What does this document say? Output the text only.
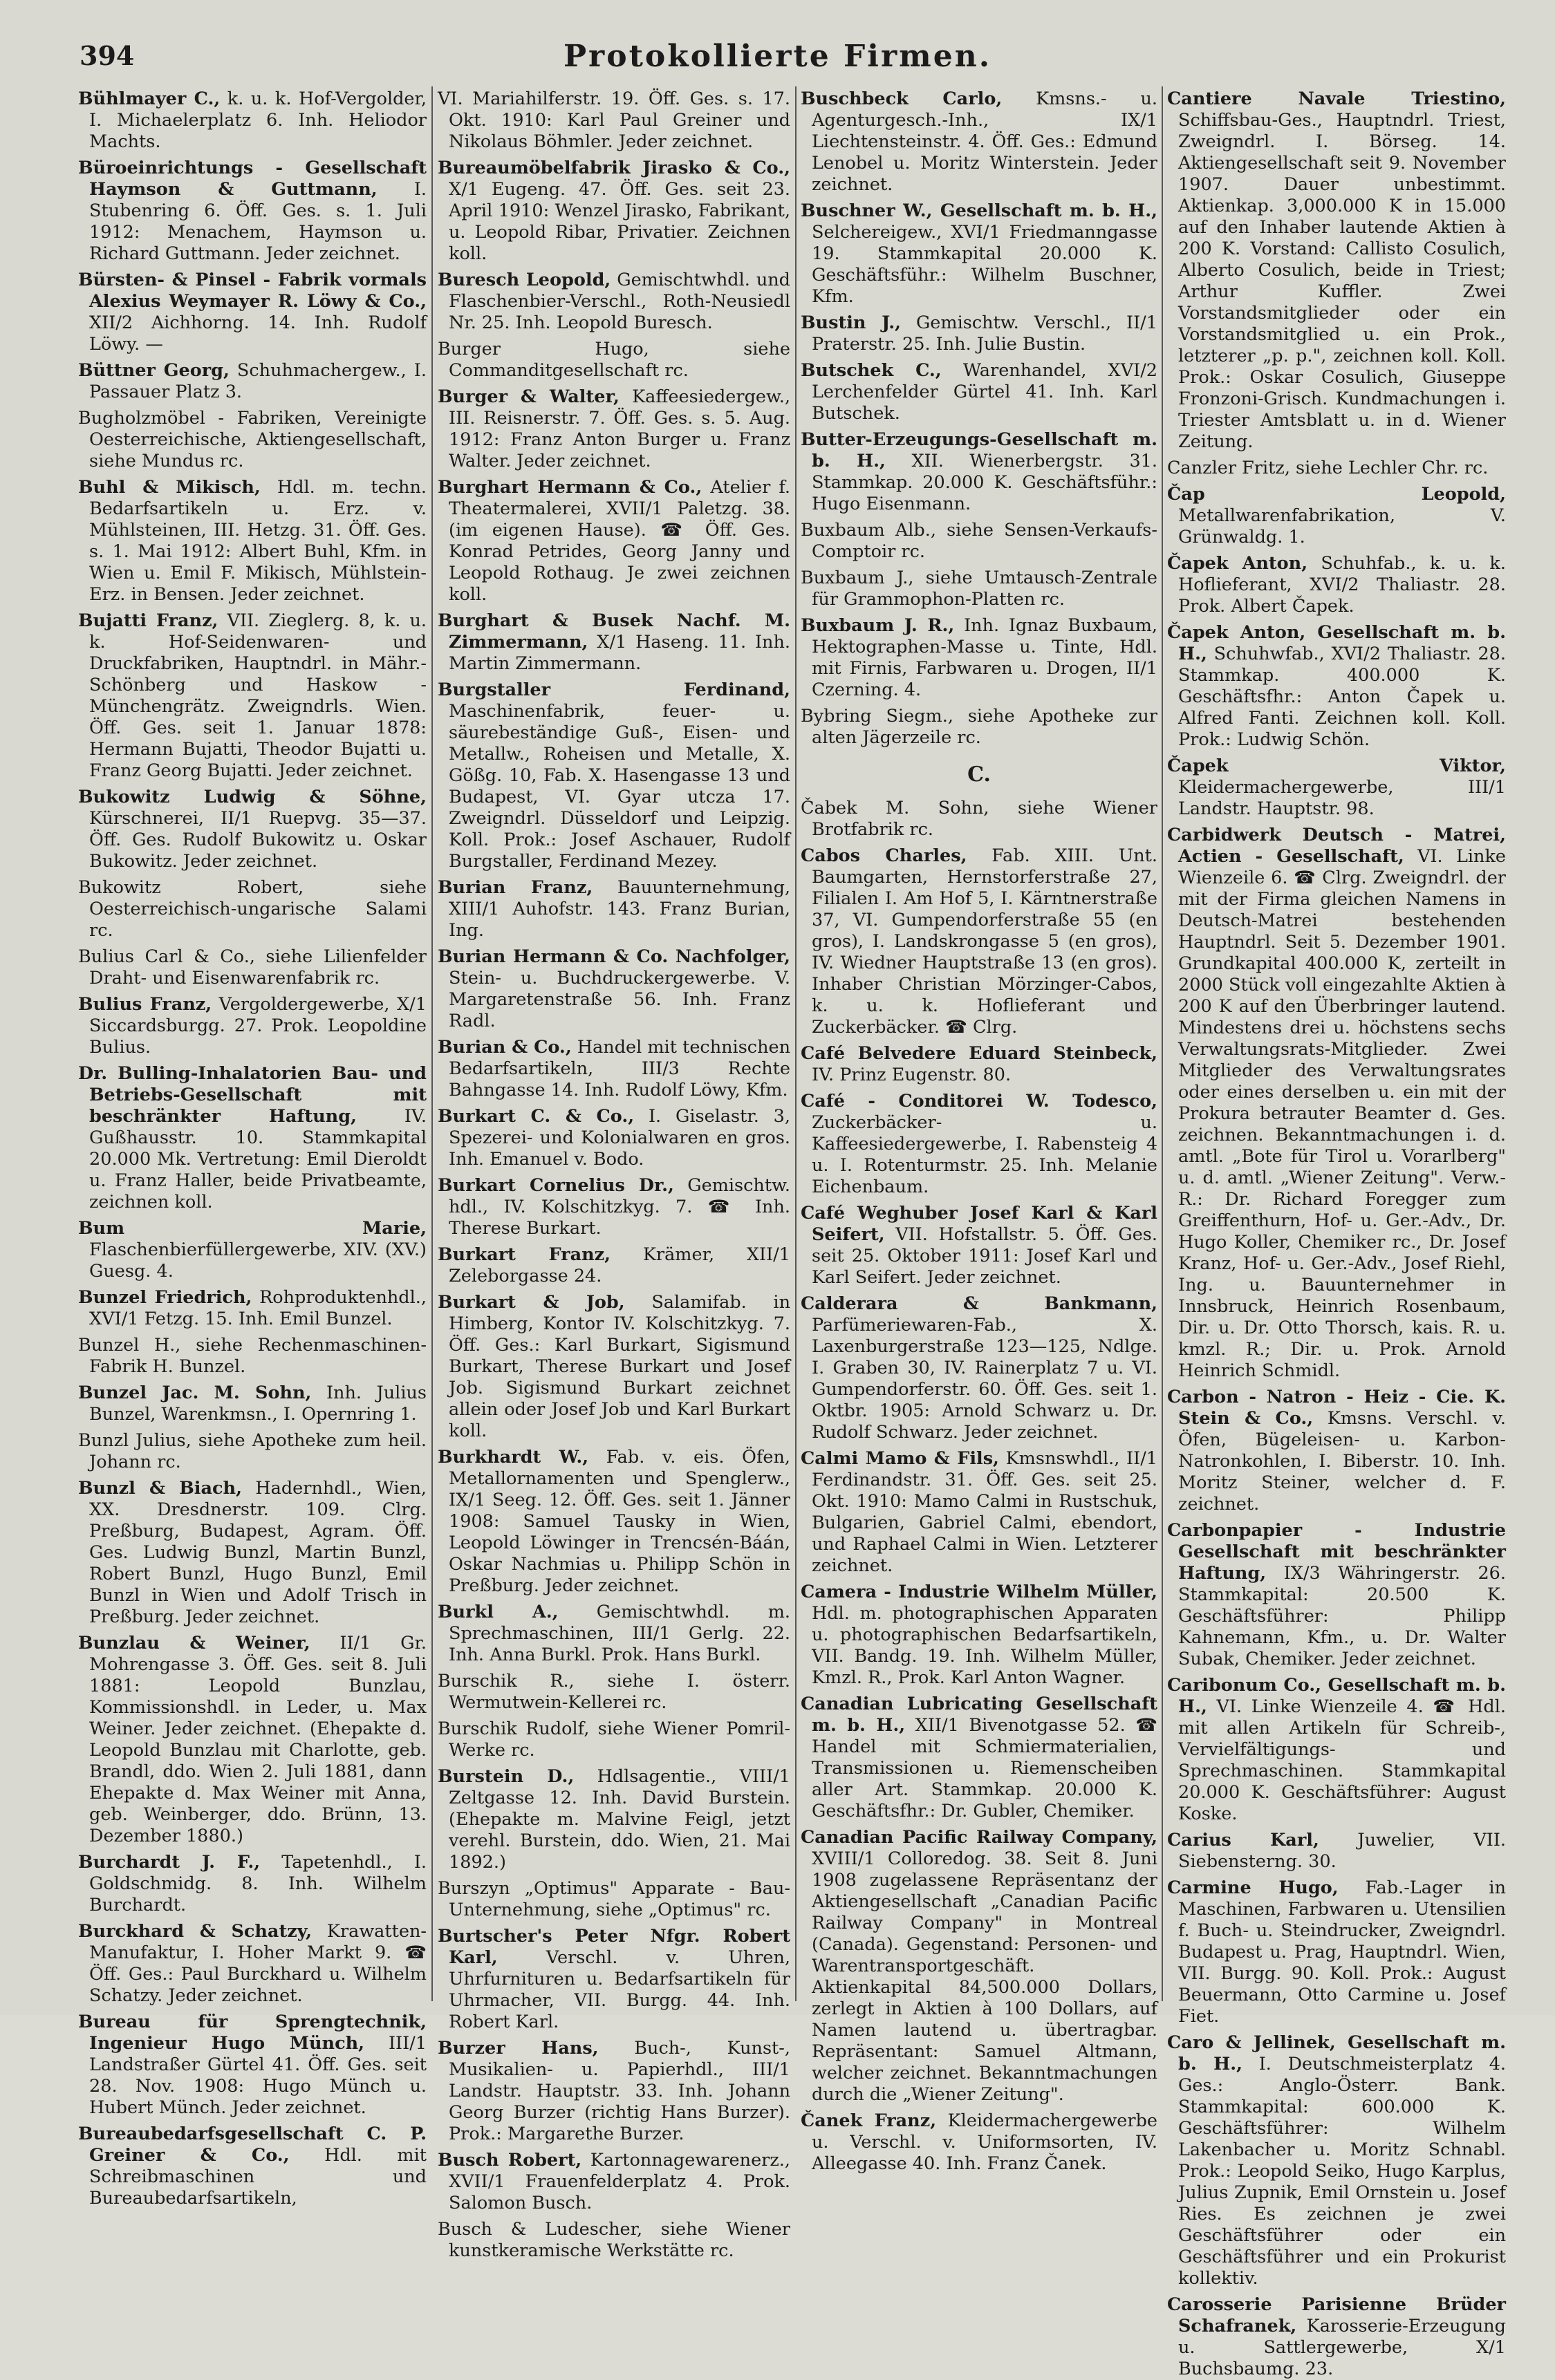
394	Protokollierte Firmen.
Bühlmayer C., k. u. k. Hof-Vergolder, I. Michaelerplatz 6. Inh. Heliodor Machts.
Büroeinrichtungs - Gesellschaft Haymson & Guttmann, I. Stubenring 6. Öff. Ges. s. 1. Juli 1912: Menachem, Haymson u. Richard Guttmann. Jeder zeichnet.
Bürsten- & Pinsel - Fabrik vormals Alexius Weymayer R. Löwy & Co., XII/2 Aichhorng. 14. Inh. Rudolf Löwy. —
Büttner Georg, Schuhmachergew., I. Passauer Platz 3.
Bugholzmöbel - Fabriken, Vereinigte Oesterreichische, Aktiengesellschaft, siehe Mundus rc.
Buhl & Mikisch, Hdl. m. techn. Bedarfsartikeln u. Erz. v. Mühlsteinen, III. Hetzg. 31. Öff. Ges. s. 1. Mai 1912: Albert Buhl, Kfm. in Wien u. Emil F. Mikisch, Mühlstein-Erz. in Bensen. Jeder zeichnet.
Bujatti Franz, VII. Zieglerg. 8, k. u. k. Hof-Seidenwaren- und Druckfabriken, Hauptndrl. in Mähr.-Schönberg und Haskow - Münchengrätz. Zweigndrls. Wien. Öff. Ges. seit 1. Januar 1878: Hermann Bujatti, Theodor Bujatti u. Franz Georg Bujatti. Jeder zeichnet.
Bukowitz Ludwig & Söhne, Kürschnerei, II/1 Ruepvg. 35—37. Öff. Ges. Rudolf Bukowitz u. Oskar Bukowitz. Jeder zeichnet.
Bukowitz Robert, siehe Oesterreichisch-ungarische Salami rc.
Bulius Carl & Co., siehe Lilienfelder Draht- und Eisenwarenfabrik rc.
Bulius Franz, Vergoldergewerbe, X/1 Siccardsburgg. 27. Prok. Leopoldine Bulius.
Dr. Bulling-Inhalatorien Bau- und Betriebs-Gesellschaft mit beschränkter Haftung,	IV. Gußhausstr. 10. Stammkapital 20.000 Mk. Vertretung: Emil Dieroldt u. Franz Haller, beide Privatbeamte, zeichnen koll.
Bum Marie, Flaschenbierfüllergewerbe, XIV. (XV.) Guesg. 4.
Bunzel Friedrich, Rohproduktenhdl., XVI/1 Fetzg. 15. Inh. Emil Bunzel.
Bunzel H., siehe Rechenmaschinen-Fabrik H. Bunzel.
Bunzel Jac. M. Sohn, Inh. Julius Bunzel, Warenkmsn., I. Opernring 1.
Bunzl Julius, siehe Apotheke zum heil. Johann rc.
Bunzl & Biach, Hadernhdl., Wien, XX. Dresdnerstr. 109. Clrg. Preßburg, Budapest, Agram. Öff. Ges. Ludwig Bunzl, Martin Bunzl, Robert Bunzl, Hugo Bunzl, Emil Bunzl in Wien und Adolf Trisch in Preßburg. Jeder zeichnet.
Bunzlau & Weiner, II/1 Gr. Mohrengasse 3. Öff. Ges. seit 8. Juli 1881: Leopold Bunzlau, Kommissionshdl. in Leder, u. Max Weiner. Jeder zeichnet. (Ehepakte d. Leopold Bunzlau mit Charlotte, geb. Brandl, ddo. Wien 2. Juli 1881, dann Ehepakte d. Max Weiner mit Anna, geb. Weinberger, ddo. Brünn, 13. Dezember 1880.)
Burchardt J. F., Tapetenhdl., I. Goldschmidg. 8. Inh. Wilhelm Burchardt.
Burckhard & Schatzy, Krawatten-Manufaktur, I. Hoher Markt 9. ☎ Öff. Ges.: Paul Burckhard u. Wilhelm Schatzy. Jeder zeichnet.
Bureau für Sprengtechnik, Ingenieur Hugo Münch, III/1 Landstraßer Gürtel 41. Öff. Ges. seit 28. Nov. 1908: Hugo Münch u. Hubert Münch. Jeder zeichnet.
Bureaubedarfsgesellschaft C. P. Greiner & Co., Hdl. mit Schreibmaschinen und Bureaubedarfsartikeln,
VI. Mariahilferstr. 19. Öff. Ges. s. 17. Okt. 1910: Karl Paul Greiner und Nikolaus Böhmler. Jeder zeichnet.
Bureaumöbelfabrik Jirasko & Co., X/1 Eugeng. 47. Öff. Ges. seit 23. April 1910: Wenzel Jirasko, Fabrikant, u. Leopold Ribar, Privatier. Zeichnen koll.
Buresch Leopold, Gemischtwhdl. und Flaschenbier-Verschl., Roth-Neusiedl Nr. 25. Inh. Leopold Buresch.
Burger Hugo, siehe Commanditgesellschaft rc.
Burger & Walter, Kaffeesiedergew., III. Reisnerstr. 7. Öff. Ges. s. 5. Aug. 1912: Franz Anton Burger u. Franz Walter. Jeder zeichnet.
Burghart Hermann & Co., Atelier f. Theatermalerei, XVII/1 Paletzg. 38. (im eigenen Hause). ☎ Öff. Ges. Konrad Petrides, Georg Janny und Leopold Rothaug. Je zwei zeichnen koll.
Burghart & Busek Nachf. M. Zimmermann, X/1 Haseng. 11. Inh. Martin Zimmermann.
Burgstaller Ferdinand, Maschinenfabrik, feuer- u. säurebeständige Guß-, Eisen- und Metallw., Roheisen und Metalle, X. Gößg. 10, Fab. X. Hasengasse 13 und Budapest, VI. Gyar utcza 17. Zweigndrl. Düsseldorf und Leipzig. Koll. Prok.: Josef Aschauer, Rudolf Burgstaller, Ferdinand Mezey.
Burian Franz, Bauunternehmung, XIII/1 Auhofstr. 143. Franz Burian, Ing.
Burian Hermann & Co. Nachfolger, Stein- u. Buchdruckergewerbe. V. Margaretenstraße 56. Inh. Franz Radl.
Burian & Co., Handel mit technischen Bedarfsartikeln, III/3 Rechte Bahngasse 14. Inh. Rudolf Löwy, Kfm.
Burkart C. & Co., I. Giselastr. 3, Spezerei- und Kolonialwaren en gros. Inh. Emanuel v. Bodo.
Burkart Cornelius Dr., Gemischtw. hdl., IV. Kolschitzkyg. 7. ☎ Inh. Therese Burkart.
Burkart Franz, Krämer, XII/1 Zeleborgasse 24.
Burkart & Job, Salamifab. in Himberg, Kontor IV. Kolschitzkyg. 7. Öff. Ges.: Karl Burkart, Sigismund Burkart, Therese Burkart und Josef Job. Sigismund Burkart zeichnet allein oder Josef Job und Karl Burkart koll.
Burkhardt W., Fab. v. eis. Öfen, Metallornamenten und Spenglerw., IX/1 Seeg. 12. Öff. Ges. seit 1. Jänner 1908: Samuel Tausky in Wien, Leopold Löwinger in Trencsén-Báán, Oskar Nachmias u. Philipp Schön in Preßburg. Jeder zeichnet.
Burkl A., Gemischtwhdl. m. Sprechmaschinen, III/1 Gerlg. 22. Inh. Anna Burkl. Prok. Hans Burkl.
Burschik R., siehe I. österr. Wermutwein-Kellerei rc.
Burschik Rudolf, siehe Wiener Pomril-Werke rc.
Burstein D., Hdlsagentie., VIII/1 Zeltgasse 12. Inh. David Burstein. (Ehepakte m. Malvine Feigl, jetzt verehl. Burstein, ddo. Wien, 21. Mai 1892.)
Burszyn „Optimus" Apparate - Bau-Unternehmung, siehe „Optimus" rc.
Burtscher's Peter Nfgr. Robert Karl,	Verschl. v. Uhren, Uhrfurnituren u. Bedarfsartikeln für Uhrmacher, VII. Burgg. 44. Inh. Robert Karl.
Burzer Hans, Buch-, Kunst-, Musikalien- u. Papierhdl., III/1 Landstr. Hauptstr. 33. Inh. Johann Georg Burzer (richtig Hans Burzer). Prok.: Margarethe Burzer.
Busch Robert, Kartonnagewarenerz., XVII/1 Frauenfelderplatz 4. Prok. Salomon Busch.
Busch & Ludescher, siehe Wiener kunstkeramische Werkstätte rc.
Buschbeck Carlo, Kmsns.- u. Agenturgesch.-Inh., IX/1 Liechtensteinstr. 4. Öff. Ges.: Edmund Lenobel u. Moritz Winterstein. Jeder zeichnet.
Buschner W., Gesellschaft m. b. H., Selchereigew., XVI/1 Friedmanngasse 19. Stammkapital 20.000 K. Geschäftsführ.: Wilhelm Buschner, Kfm.
Bustin J., Gemischtw. Verschl., II/1 Praterstr. 25. Inh. Julie Bustin.
Butschek C., Warenhandel, XVI/2 Lerchenfelder Gürtel 41. Inh. Karl Butschek.
Butter-Erzeugungs-Gesellschaft m. b. H., XII. Wienerbergstr. 31. Stammkap. 20.000 K. Geschäftsführ.: Hugo Eisenmann.
Buxbaum Alb., siehe Sensen-Verkaufs-Comptoir rc.
Buxbaum J., siehe Umtausch-Zentrale für Grammophon-Platten rc.
Buxbaum J. R., Inh. Ignaz Buxbaum, Hektographen-Masse u. Tinte, Hdl. mit Firnis, Farbwaren u. Drogen, II/1 Czerning. 4.
Bybring Siegm., siehe Apotheke zur alten Jägerzeile rc.
C.
Čabek M. Sohn, siehe Wiener Brotfabrik rc.
Cabos Charles, Fab. XIII. Unt. Baumgarten, Hernstorferstraße 27, Filialen I. Am Hof 5, I. Kärntnerstraße 37, VI. Gumpendorferstraße 55 (en gros), I. Landskrongasse 5 (en gros), IV. Wiedner Hauptstraße 13 (en gros). Inhaber Christian Mörzinger-Cabos, k. u. k. Hoflieferant und Zuckerbäcker. ☎ Clrg.
Café Belvedere Eduard Steinbeck, IV. Prinz Eugenstr. 80.
Café - Conditorei W. Todesco, Zuckerbäcker- u. Kaffeesiedergewerbe, I. Rabensteig 4 u. I. Rotenturmstr. 25. Inh. Melanie Eichenbaum.
Café Weghuber Josef Karl & Karl Seifert, VII. Hofstallstr. 5. Öff. Ges. seit 25. Oktober 1911: Josef Karl und Karl Seifert. Jeder zeichnet.
Calderara & Bankmann, Parfümeriewaren-Fab., X. Laxenburgerstraße 123—125, Ndlge. I. Graben 30, IV. Rainerplatz 7 u. VI. Gumpendorferstr. 60. Öff. Ges. seit 1. Oktbr. 1905: Arnold Schwarz u. Dr. Rudolf Schwarz. Jeder zeichnet.
Calmi Mamo & Fils, Kmsnswhdl., II/1 Ferdinandstr. 31. Öff. Ges. seit 25. Okt. 1910: Mamo Calmi in Rustschuk, Bulgarien, Gabriel Calmi, ebendort, und Raphael Calmi in Wien. Letzterer zeichnet.
Camera - Industrie Wilhelm Müller, Hdl. m. photographischen Apparaten u. photographischen Bedarfsartikeln, VII. Bandg. 19. Inh. Wilhelm Müller, Kmzl. R., Prok. Karl Anton Wagner.
Canadian Lubricating Gesellschaft m. b. H., XII/1 Bivenotgasse 52. ☎ Handel mit Schmiermaterialien, Transmissionen u. Riemenscheiben aller Art. Stammkap. 20.000 K. Geschäftsfhr.: Dr. Gubler, Chemiker.
Canadian Pacific Railway Company, XVIII/1 Colloredog. 38. Seit 8. Juni 1908 zugelassene Repräsentanz der Aktiengesellschaft „Canadian Pacific Railway Company" in Montreal (Canada). Gegenstand: Personen- und Warentransportgeschäft. Aktienkapital 84,500.000 Dollars, zerlegt in Aktien à 100 Dollars, auf Namen lautend u. übertragbar. Repräsentant: Samuel Altmann, welcher zeichnet. Bekanntmachungen durch die „Wiener Zeitung".
Čanek Franz, Kleidermachergewerbe u. Verschl. v. Uniformsorten, IV. Alleegasse 40. Inh. Franz Čanek.
Cantiere Navale Triestino, Schiffsbau-Ges., Hauptndrl. Triest, Zweigndrl. I. Börseg. 14. Aktiengesellschaft seit 9. November 1907. Dauer unbestimmt. Aktienkap. 3,000.000 K in 15.000 auf den Inhaber lautende Aktien à 200 K. Vorstand: Callisto Cosulich, Alberto Cosulich, beide in Triest; Arthur Kuffler. Zwei Vorstandsmitglieder oder ein Vorstandsmitglied u. ein Prok., letzterer „p. p.", zeichnen koll. Koll. Prok.: Oskar Cosulich, Giuseppe Fronzoni-Grisch. Kundmachungen i. Triester Amtsblatt u. in d. Wiener Zeitung.
Canzler Fritz, siehe Lechler Chr. rc.
Čap Leopold, Metallwarenfabrikation, V. Grünwaldg. 1.
Čapek Anton, Schuhfab., k. u. k. Hoflieferant, XVI/2 Thaliastr. 28. Prok. Albert Čapek.
Čapek Anton, Gesellschaft m. b. H., Schuhwfab., XVI/2 Thaliastr. 28. Stammkap. 400.000 K. Geschäftsfhr.: Anton Čapek u. Alfred Fanti. Zeichnen koll. Koll. Prok.: Ludwig Schön.
Čapek Viktor, Kleidermachergewerbe, III/1 Landstr. Hauptstr. 98.
Carbidwerk Deutsch - Matrei, Actien - Gesellschaft, VI. Linke Wienzeile 6. ☎ Clrg. Zweigndrl. der mit der Firma gleichen Namens in Deutsch-Matrei bestehenden Hauptndrl. Seit 5. Dezember 1901. Grundkapital 400.000 K, zerteilt in 2000 Stück voll eingezahlte Aktien à 200 K auf den Überbringer lautend. Mindestens drei u. höchstens sechs Verwaltungsrats-Mitglieder. Zwei Mitglieder des Verwaltungsrates oder eines derselben u. ein mit der Prokura betrauter Beamter d. Ges. zeichnen. Bekanntmachungen i. d. amtl. „Bote für Tirol u. Vorarlberg" u. d. amtl. „Wiener Zeitung". Verw.-R.: Dr. Richard Foregger zum Greiffenthurn, Hof- u. Ger.-Adv., Dr. Hugo Koller, Chemiker rc., Dr. Josef Kranz, Hof- u. Ger.-Adv., Josef Riehl, Ing. u. Bauunternehmer in Innsbruck, Heinrich Rosenbaum, Dir. u. Dr. Otto Thorsch, kais. R. u. kmzl. R.; Dir. u. Prok. Arnold Heinrich Schmidl.
Carbon - Natron - Heiz - Cie. K. Stein & Co., Kmsns. Verschl. v. Öfen, Bügeleisen- u. Karbon-Natronkohlen, I. Biberstr. 10. Inh. Moritz Steiner, welcher d. F. zeichnet.
Carbonpapier - Industrie Gesellschaft mit beschränkter Haftung, IX/3 Währingerstr. 26. Stammkapital: 20.500 K. Geschäftsführer: Philipp Kahnemann, Kfm., u. Dr. Walter Subak, Chemiker. Jeder zeichnet.
Caribonum Co., Gesellschaft m. b. H., VI. Linke Wienzeile 4. ☎ Hdl. mit allen Artikeln für Schreib-, Vervielfältigungs- und Sprechmaschinen. Stammkapital 20.000 K. Geschäftsführer: August Koske.
Carius Karl, Juwelier, VII. Siebensterng. 30.
Carmine Hugo, Fab.-Lager in Maschinen, Farbwaren u. Utensilien f. Buch- u. Steindrucker, Zweigndrl. Budapest u. Prag, Hauptndrl. Wien, VII. Burgg. 90. Koll. Prok.: August Beuermann, Otto Carmine u. Josef Fiet.
Caro & Jellinek, Gesellschaft m. b. H., I. Deutschmeisterplatz 4. Ges.: Anglo-Österr. Bank. Stammkapital: 600.000 K. Geschäftsführer: Wilhelm Lakenbacher u. Moritz Schnabl. Prok.: Leopold Seiko, Hugo Karplus, Julius Zupnik, Emil Ornstein u. Josef Ries. Es zeichnen je zwei Geschäftsführer oder ein Geschäftsführer und ein Prokurist kollektiv.
Carosserie Parisienne Brüder Schafranek, Karosserie-Erzeugung u. Sattlergewerbe, X/1 Buchsbaumg. 23.
